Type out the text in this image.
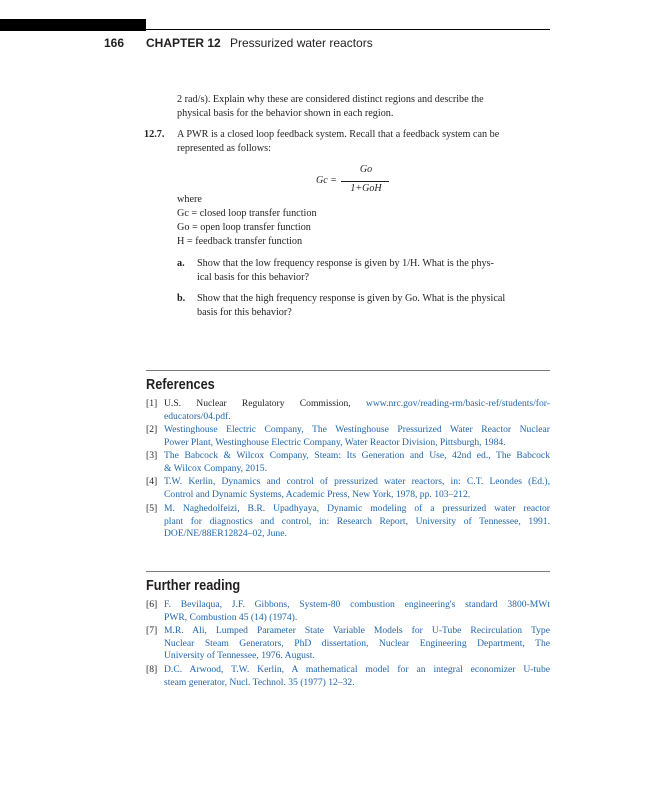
166 CHAPTER 12 Pressurized water reactors
2 rad/s). Explain why these are considered distinct regions and describe the
physical basis for the behavior shown in each region.
12.7. A PWR is a closed loop feedback system. Recall that a feedback system can be
represented as follows:
Gc =
Go
1+GoH
where
Gc = closed loop transfer function
Go = open loop transfer function
H = feedback transfer function
a. Show that the low frequency response is given by 1/H. What is the phys-
ical basis for this behavior?
b. Show that the high frequency response is given by Go. What is the physical
basis for this behavior?
References
[1] U.S. Nuclear Regulatory Commission, www.nrc.gov/reading-rm/basic-ref/students/for-
educators/04.pdf.
[2] Westinghouse Electric Company, The Westinghouse Pressurized Water Reactor Nuclear
Power Plant, Westinghouse Electric Company, Water Reactor Division, Pittsburgh, 1984.
[3] The Babcock & Wilcox Company, Steam: Its Generation and Use, 42nd ed., The Babcock
& Wilcox Company, 2015.
[4] T.W. Kerlin, Dynamics and control of pressurized water reactors, in: C.T. Leondes (Ed.),
Control and Dynamic Systems, Academic Press, New York, 1978, pp. 103–212.
[5] M. Naghedolfeizi, B.R. Upadhyaya, Dynamic modeling of a pressurized water reactor
plant for diagnostics and control, in: Research Report, University of Tennessee, 1991.
DOE/NE/88ER12824–02, June.
Further reading
[6] F. Bevilaqua, J.F. Gibbons, System-80 combustion engineering's standard 3800-MWt
PWR, Combustion 45 (14) (1974).
[7] M.R. Ali, Lumped Parameter State Variable Models for U-Tube Recirculation Type
Nuclear Steam Generators, PhD dissertation, Nuclear Engineering Department, The
University of Tennessee, 1976. August.
[8] D.C. Arwood, T.W. Kerlin, A mathematical model for an integral economizer U-tube
steam generator, Nucl. Technol. 35 (1977) 12–32.
